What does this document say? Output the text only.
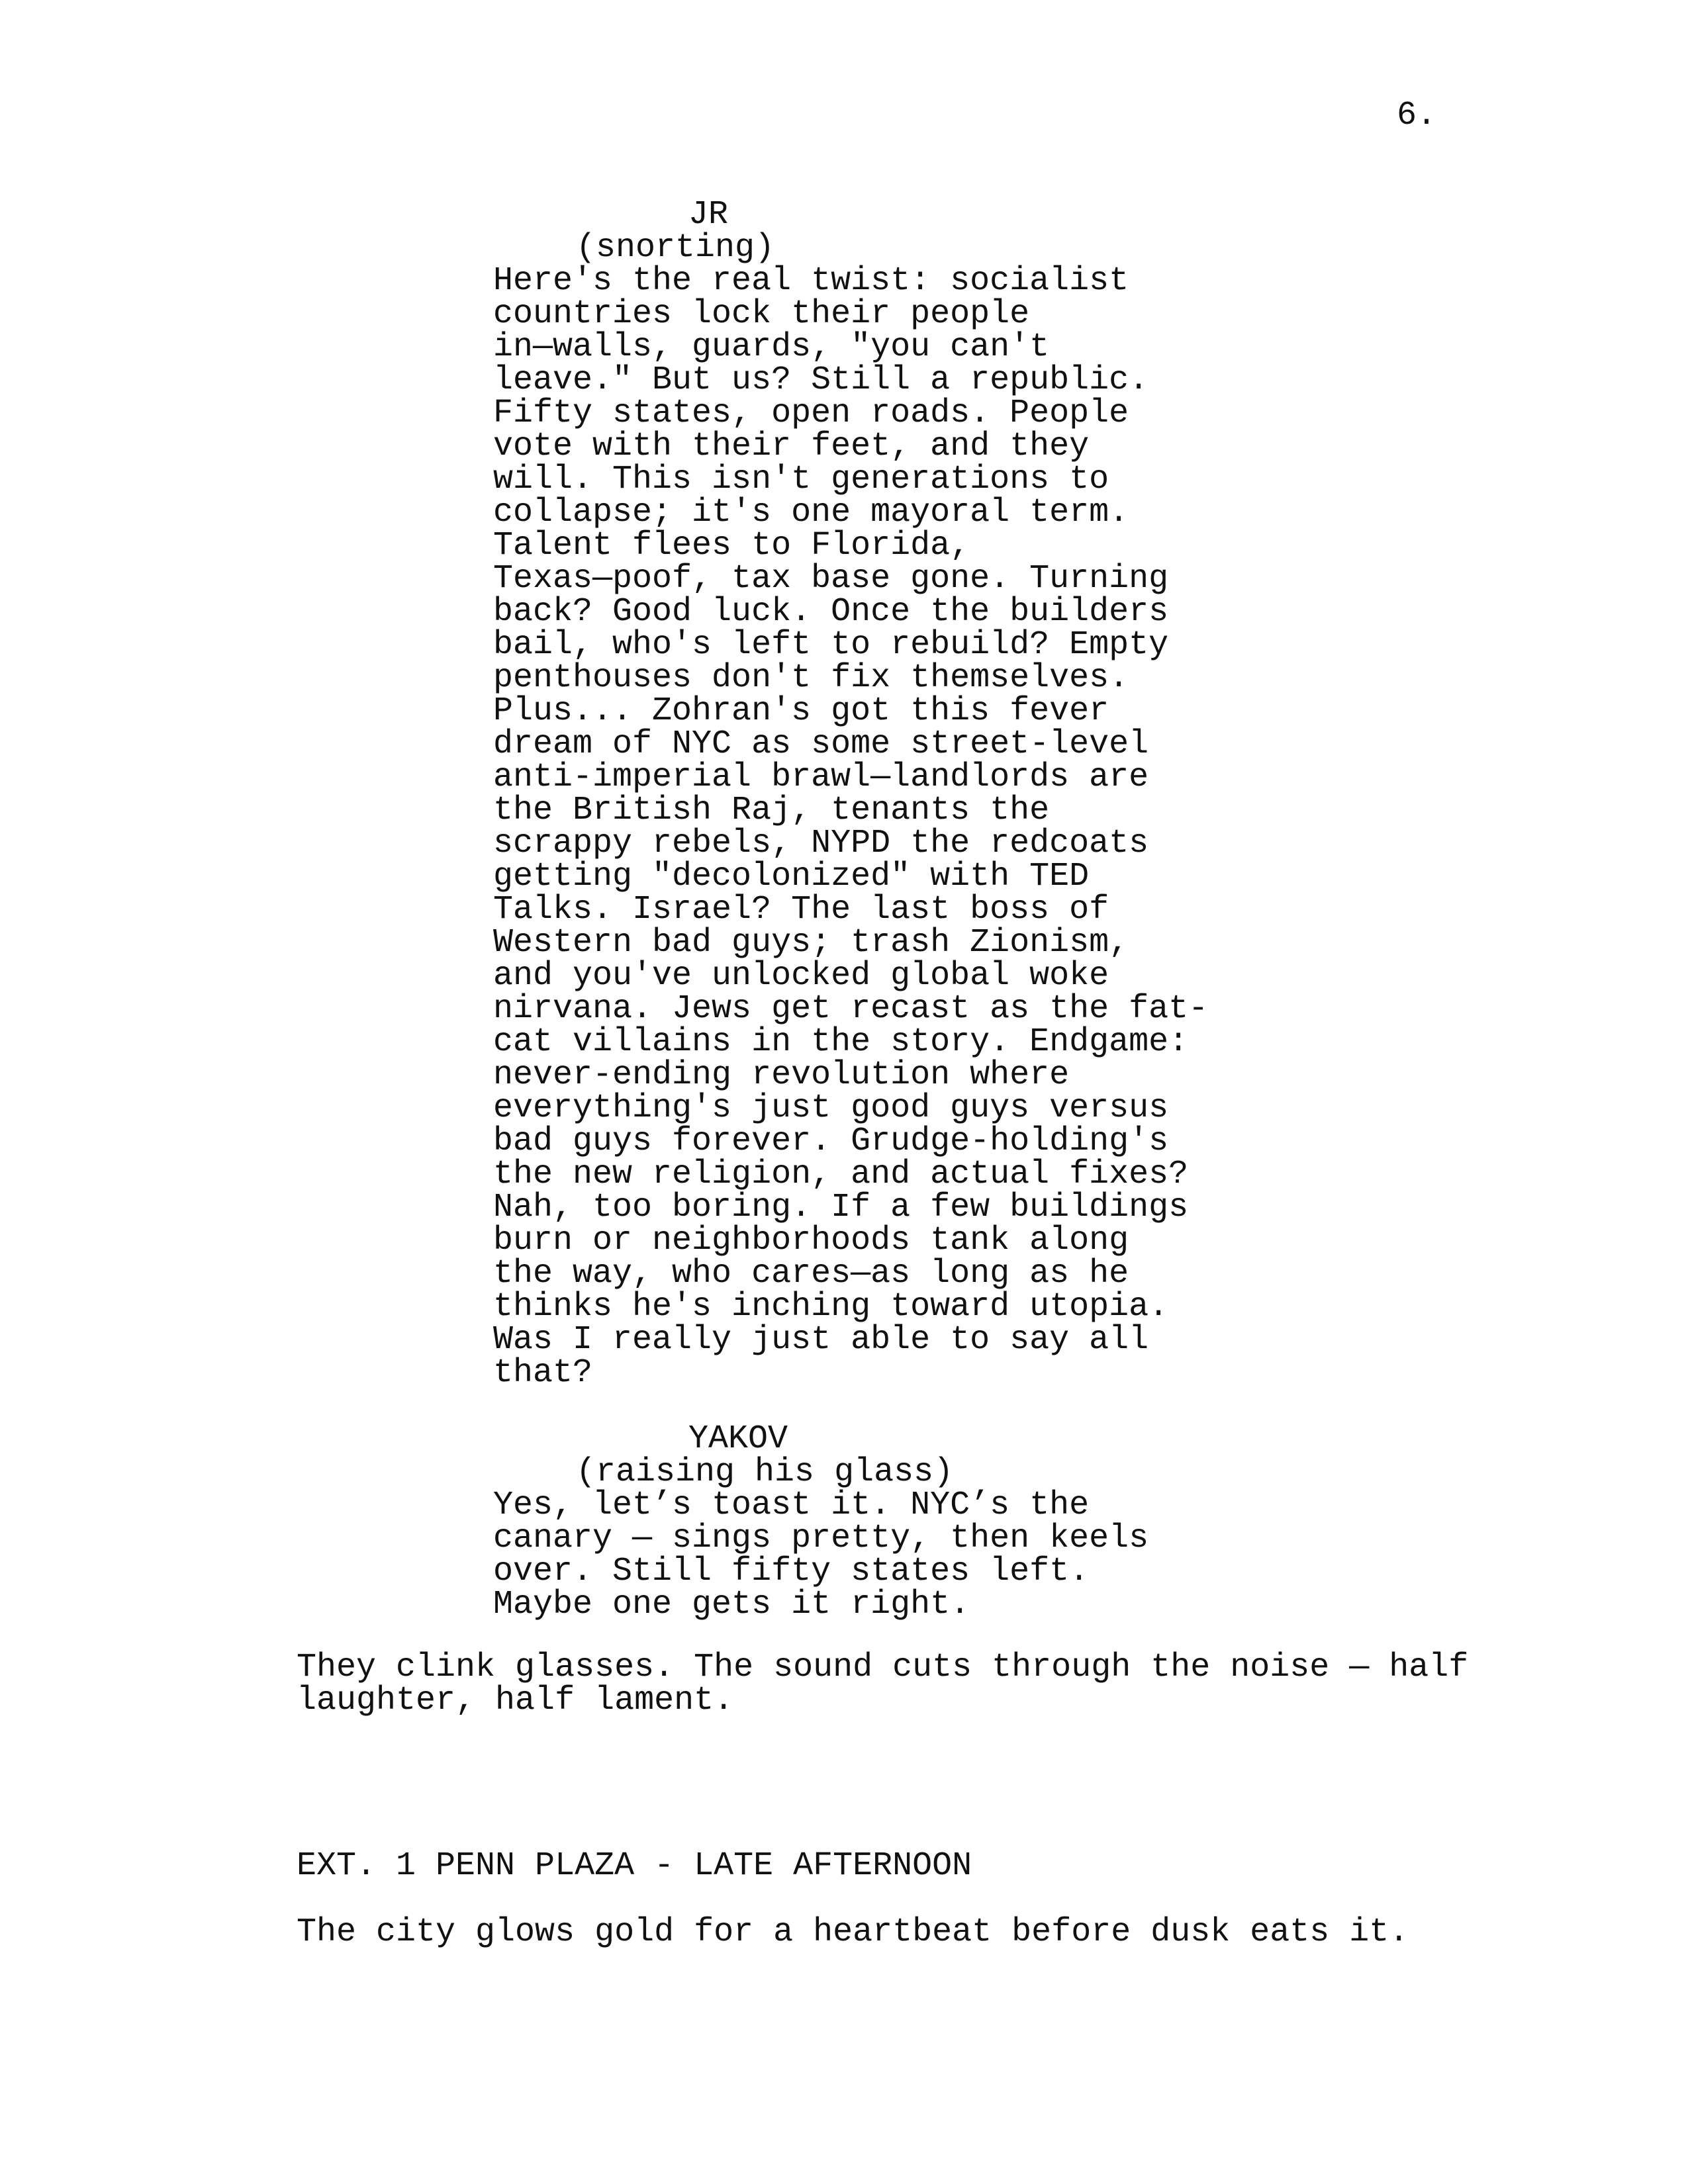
6.
JR
(snorting)
Here's the real twist: socialist
countries lock their people
in—walls, guards, "you can't
leave." But us? Still a republic.
Fifty states, open roads. People
vote with their feet, and they
will. This isn't generations to
collapse; it's one mayoral term.
Talent flees to Florida,
Texas—poof, tax base gone. Turning
back? Good luck. Once the builders
bail, who's left to rebuild? Empty
penthouses don't fix themselves.
Plus... Zohran's got this fever
dream of NYC as some street-level
anti-imperial brawl—landlords are
the British Raj, tenants the
scrappy rebels, NYPD the redcoats
getting "decolonized" with TED
Talks. Israel? The last boss of
Western bad guys; trash Zionism,
and you've unlocked global woke
nirvana. Jews get recast as the fat-
cat villains in the story. Endgame:
never-ending revolution where
everything's just good guys versus
bad guys forever. Grudge-holding's
the new religion, and actual fixes?
Nah, too boring. If a few buildings
burn or neighborhoods tank along
the way, who cares—as long as he
thinks he's inching toward utopia.
Was I really just able to say all
that?
YAKOV
(raising his glass)
Yes, let’s toast it. NYC’s the
canary — sings pretty, then keels
over. Still fifty states left.
Maybe one gets it right.
They clink glasses. The sound cuts through the noise — half
laughter, half lament.
EXT. 1 PENN PLAZA - LATE AFTERNOON
The city glows gold for a heartbeat before dusk eats it.
